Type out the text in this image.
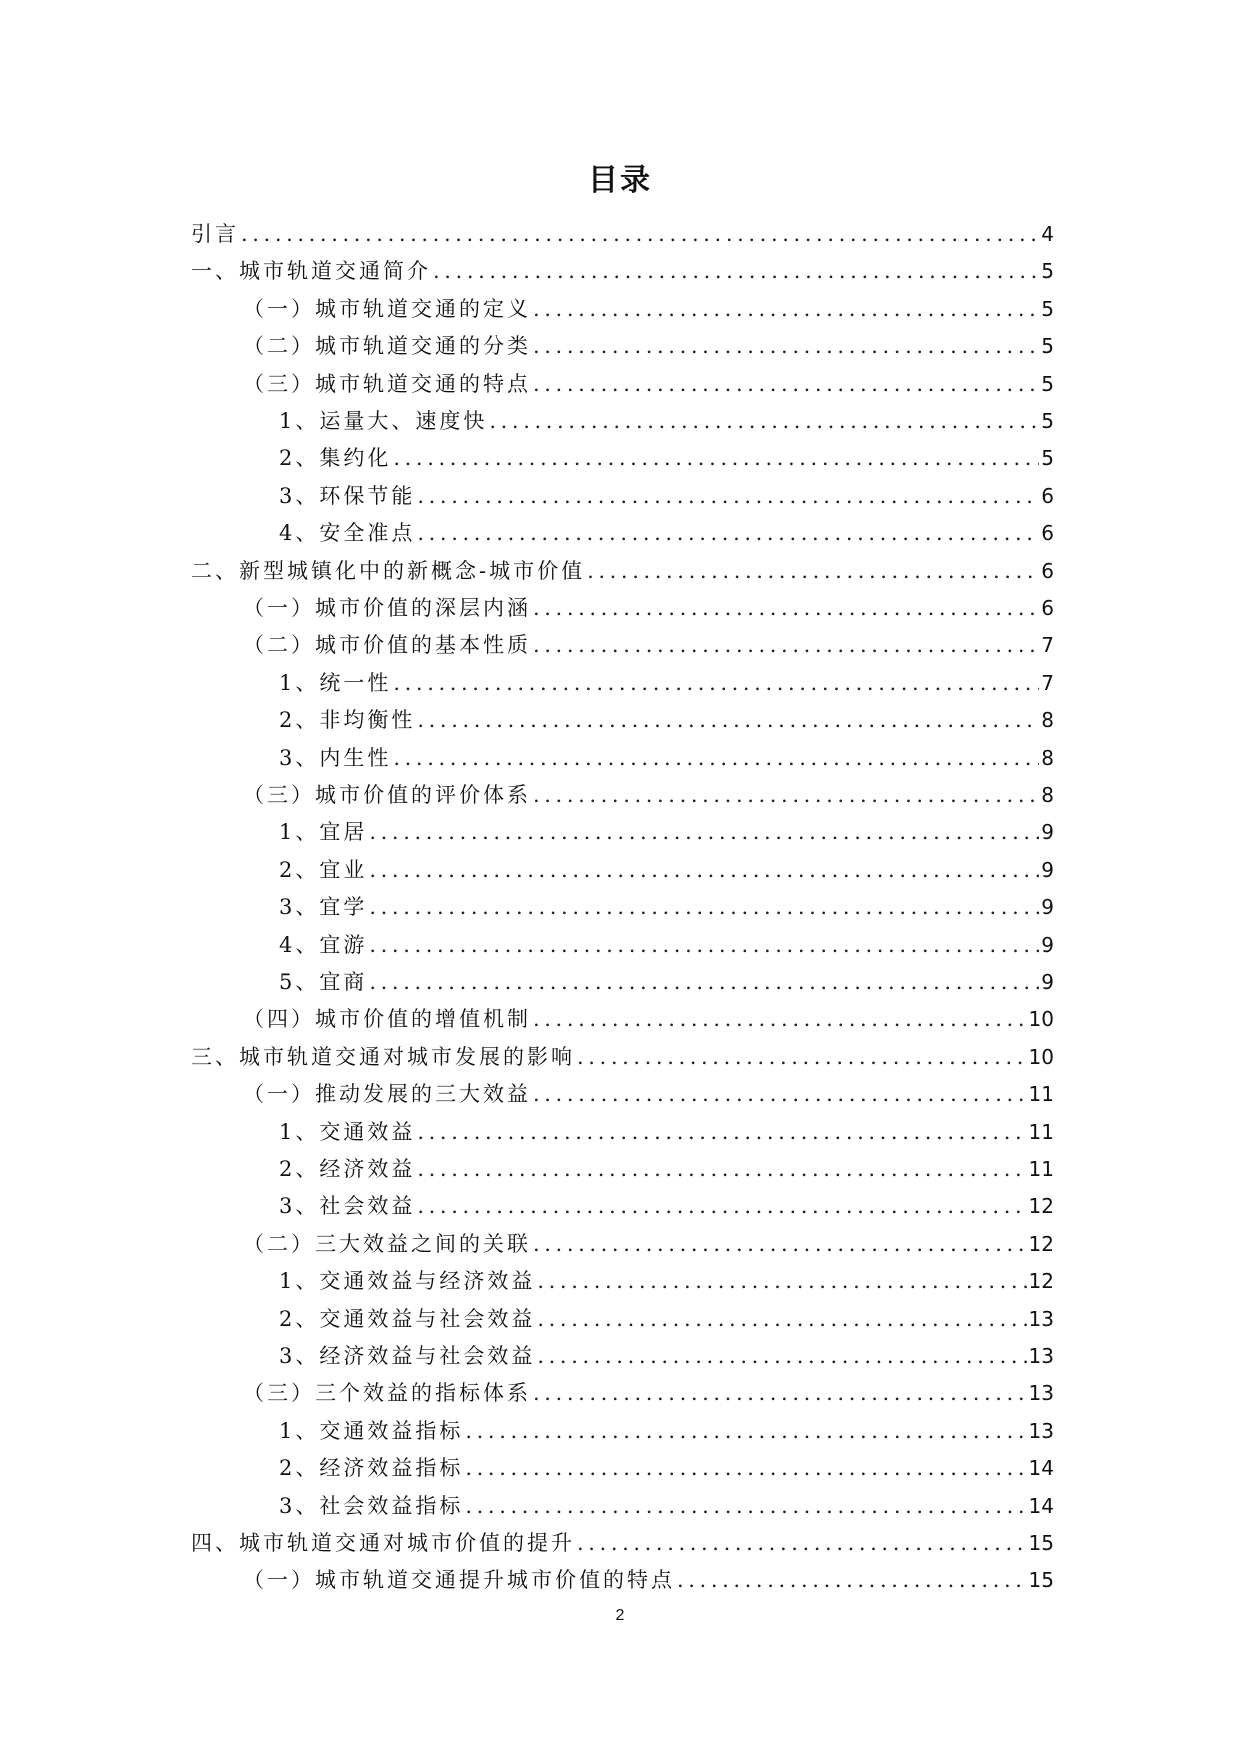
目录
引言 .....	4
一、城市轨道交通简介 .....	5
（一）城市轨道交通的定义 .....	5
（二）城市轨道交通的分类 .....	5
（三）城市轨道交通的特点 .....	5
1、运量大、速度快 .....	5
2、集约化 .....	5
3、环保节能 .....	6
4、安全准点 .....	6
二、新型城镇化中的新概念-城市价值 .....	6
（一）城市价值的深层内涵 .....	6
（二）城市价值的基本性质 .....	7
1、统一性 .....	7
2、非均衡性 .....	8
3、内生性 .....	8
（三）城市价值的评价体系 .....	8
1、宜居 .....	9
2、宜业 .....	9
3、宜学 .....	9
4、宜游 .....	9
5、宜商 .....	9
（四）城市价值的增值机制 .....	10
三、城市轨道交通对城市发展的影响 .....	10
（一）推动发展的三大效益 .....	11
1、交通效益 .....	11
2、经济效益 .....	11
3、社会效益 .....	12
（二）三大效益之间的关联 .....	12
1、交通效益与经济效益 .....	12
2、交通效益与社会效益 .....	13
3、经济效益与社会效益 .....	13
（三）三个效益的指标体系 .....	13
1、交通效益指标 .....	13
2、经济效益指标 .....	14
3、社会效益指标 .....	14
四、城市轨道交通对城市价值的提升 .....	15
（一）城市轨道交通提升城市价值的特点 .....	15
2
